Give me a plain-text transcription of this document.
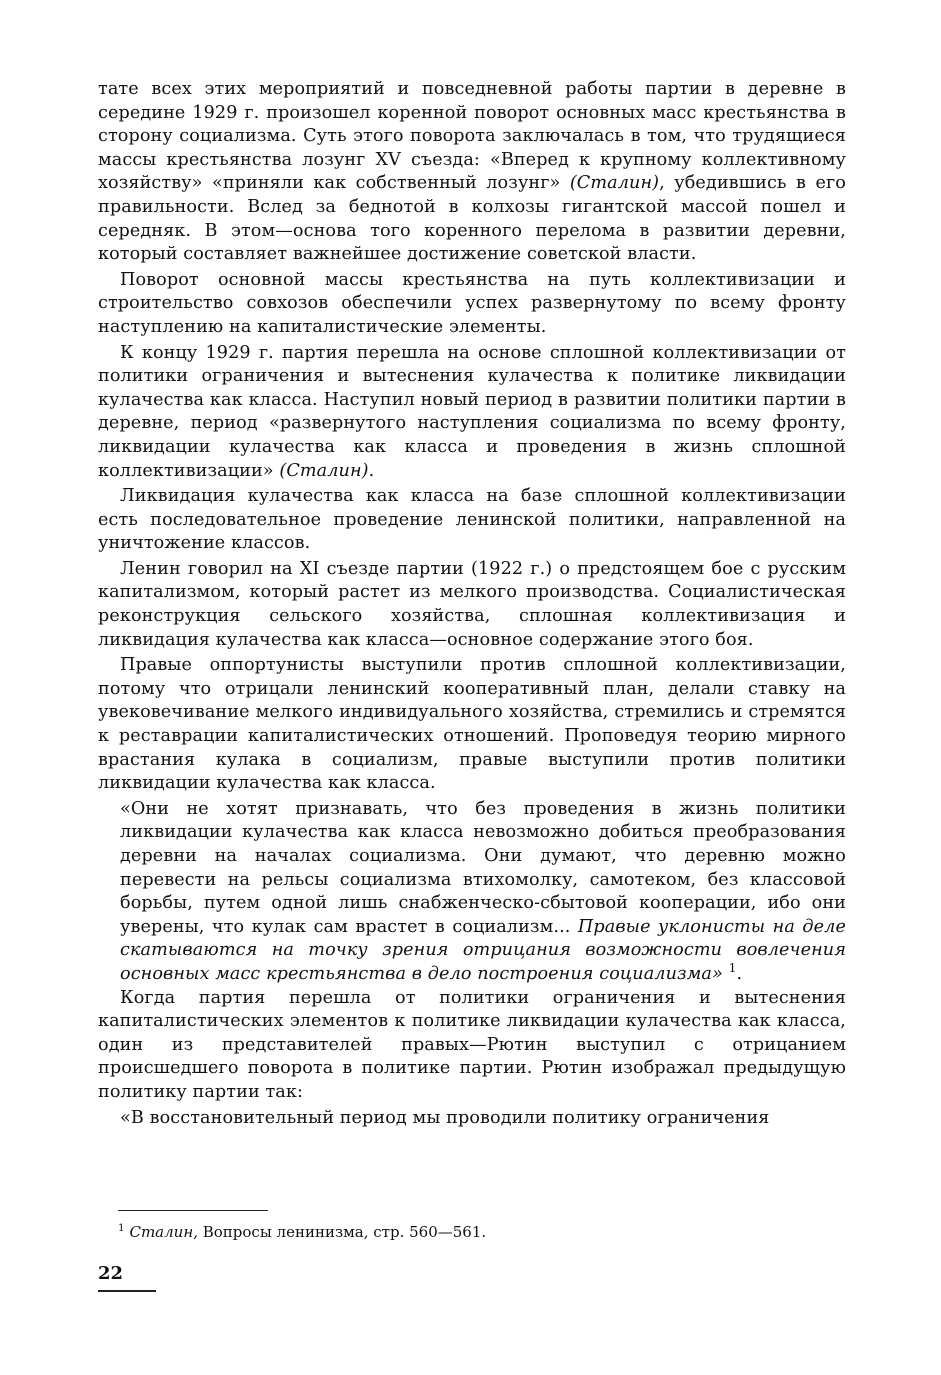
тате всех этих мероприятий и повседневной работы партии в деревне в середине 1929 г. произошел коренной поворот основных масс крестьянства в сторону социализма. Суть этого поворота заключалась в том, что трудящиеся массы крестьянства лозунг XV съезда: «Вперед к крупному коллективному хозяйству» «приняли как собственный лозунг» (Сталин), убедившись в его правильности. Вслед за беднотой в колхозы гигантской массой пошел и середняк. В этом—основа того коренного перелома в развитии деревни, который составляет важнейшее достижение советской власти.

Поворот основной массы крестьянства на путь коллективизации и строительство совхозов обеспечили успех развернутому по всему фронту наступлению на капиталистические элементы.

К концу 1929 г. партия перешла на основе сплошной коллективизации от политики ограничения и вытеснения кулачества к политике ликвидации кулачества как класса. Наступил новый период в развитии политики партии в деревне, период «развернутого наступления социализма по всему фронту, ликвидации кулачества как класса и проведения в жизнь сплошной коллективизации» (Сталин).

Ликвидация кулачества как класса на базе сплошной коллективизации есть последовательное проведение ленинской политики, направленной на уничтожение классов.

Ленин говорил на XI съезде партии (1922 г.) о предстоящем бое с русским капитализмом, который растет из мелкого производства. Социалистическая реконструкция сельского хозяйства, сплошная коллективизация и ликвидация кулачества как класса—основное содержание этого боя.

Правые оппортунисты выступили против сплошной коллективизации, потому что отрицали ленинский кооперативный план, делали ставку на увековечивание мелкого индивидуального хозяйства, стремились и стремятся к реставрации капиталистических отношений. Проповедуя теорию мирного врастания кулака в социализм, правые выступили против политики ликвидации кулачества как класса.

«Они не хотят признавать, что без проведения в жизнь политики ликвидации кулачества как класса невозможно добиться преобразования деревни на началах социализма. Они думают, что деревню можно перевести на рельсы социализма втихомолку, самотеком, без классовой борьбы, путем одной лишь снабженческо-сбытовой кооперации, ибо они уверены, что кулак сам врастет в социализм... Правые уклонисты на деле скатываются на точку зрения отрицания возможности вовлечения основных масс крестьянства в дело построения социализма» $^1$.

Когда партия перешла от политики ограничения и вытеснения капиталистических элементов к политике ликвидации кулачества как класса, один из представителей правых—Рютин выступил с отрицанием происшедшего поворота в политике партии. Рютин изображал предыдущую политику партии так:

«В восстановительный период мы проводили политику ограничения

$^1$ Сталин, Вопросы ленинизма, стр. 560—561.
22
